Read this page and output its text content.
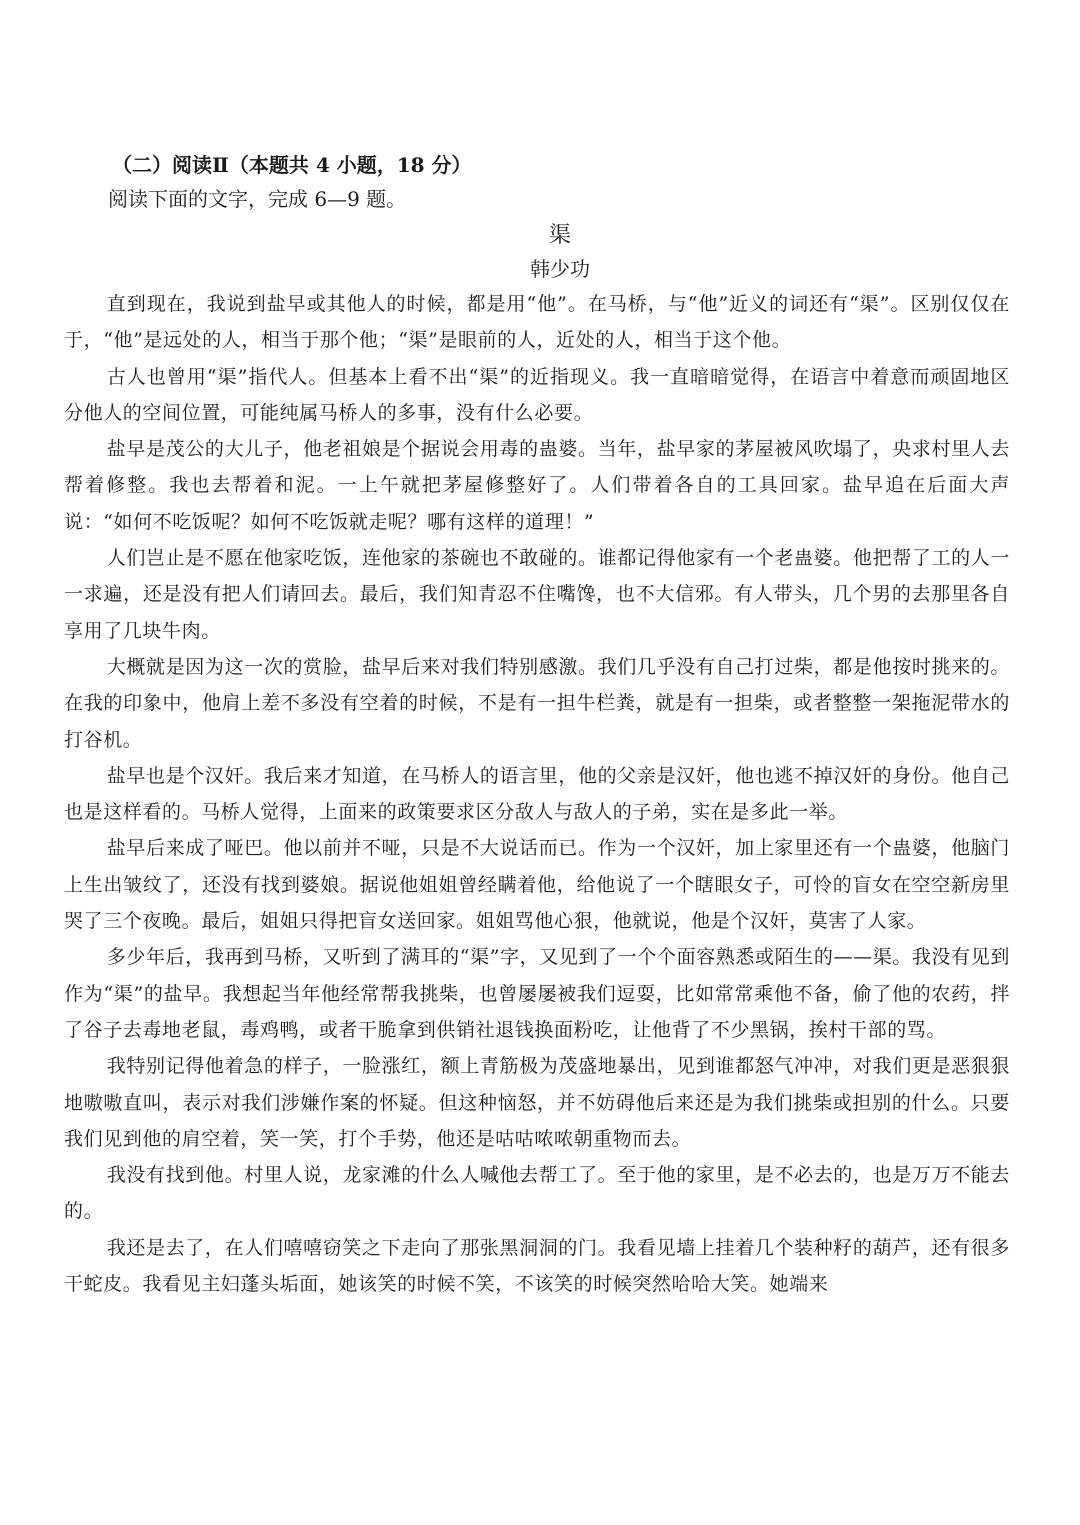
（二）阅读Ⅱ（本题共 4 小题，18 分）
阅读下面的文字，完成 6—9 题。
渠
韩少功

直到现在，我说到盐早或其他人的时候，都是用“他”。在马桥，与“他”近义的词还有“渠”。区别仅仅在于，“他”是远处的人，相当于那个他；“渠”是眼前的人，近处的人，相当于这个他。

古人也曾用“渠”指代人。但基本上看不出“渠”的近指现义。我一直暗暗觉得，在语言中着意而顽固地区分他人的空间位置，可能纯属马桥人的多事，没有什么必要。

盐早是茂公的大儿子，他老祖娘是个据说会用毒的蛊婆。当年，盐早家的茅屋被风吹塌了，央求村里人去帮着修整。我也去帮着和泥。一上午就把茅屋修整好了。人们带着各自的工具回家。盐早追在后面大声说：“如何不吃饭呢？如何不吃饭就走呢？哪有这样的道理！”

人们岂止是不愿在他家吃饭，连他家的茶碗也不敢碰的。谁都记得他家有一个老蛊婆。他把帮了工的人一一求遍，还是没有把人们请回去。最后，我们知青忍不住嘴馋，也不大信邪。有人带头，几个男的去那里各自享用了几块牛肉。

大概就是因为这一次的赏脸，盐早后来对我们特别感激。我们几乎没有自己打过柴，都是他按时挑来的。在我的印象中，他肩上差不多没有空着的时候，不是有一担牛栏粪，就是有一担柴，或者整整一架拖泥带水的打谷机。

盐早也是个汉奸。我后来才知道，在马桥人的语言里，他的父亲是汉奸，他也逃不掉汉奸的身份。他自己也是这样看的。马桥人觉得，上面来的政策要求区分敌人与敌人的子弟，实在是多此一举。

盐早后来成了哑巴。他以前并不哑，只是不大说话而已。作为一个汉奸，加上家里还有一个蛊婆，他脑门上生出皱纹了，还没有找到婆娘。据说他姐姐曾经瞒着他，给他说了一个瞎眼女子，可怜的盲女在空空新房里哭了三个夜晚。最后，姐姐只得把盲女送回家。姐姐骂他心狠，他就说，他是个汉奸，莫害了人家。

多少年后，我再到马桥，又听到了满耳的“渠”字，又见到了一个个面容熟悉或陌生的——渠。我没有见到作为“渠”的盐早。我想起当年他经常帮我挑柴，也曾屡屡被我们逗耍，比如常常乘他不备，偷了他的农药，拌了谷子去毒地老鼠，毒鸡鸭，或者干脆拿到供销社退钱换面粉吃，让他背了不少黑锅，挨村干部的骂。

我特别记得他着急的样子，一脸涨红，额上青筋极为茂盛地暴出，见到谁都怒气冲冲，对我们更是恶狠狠地嗷嗷直叫，表示对我们涉嫌作案的怀疑。但这种恼怒，并不妨碍他后来还是为我们挑柴或担别的什么。只要我们见到他的肩空着，笑一笑，打个手势，他还是咕咕哝哝朝重物而去。

我没有找到他。村里人说，龙家滩的什么人喊他去帮工了。至于他的家里，是不必去的，也是万万不能去的。

我还是去了，在人们嘻嘻窃笑之下走向了那张黑洞洞的门。我看见墙上挂着几个装种籽的葫芦，还有很多干蛇皮。我看见主妇蓬头垢面，她该笑的时候不笑，不该笑的时候突然哈哈大笑。她端来
